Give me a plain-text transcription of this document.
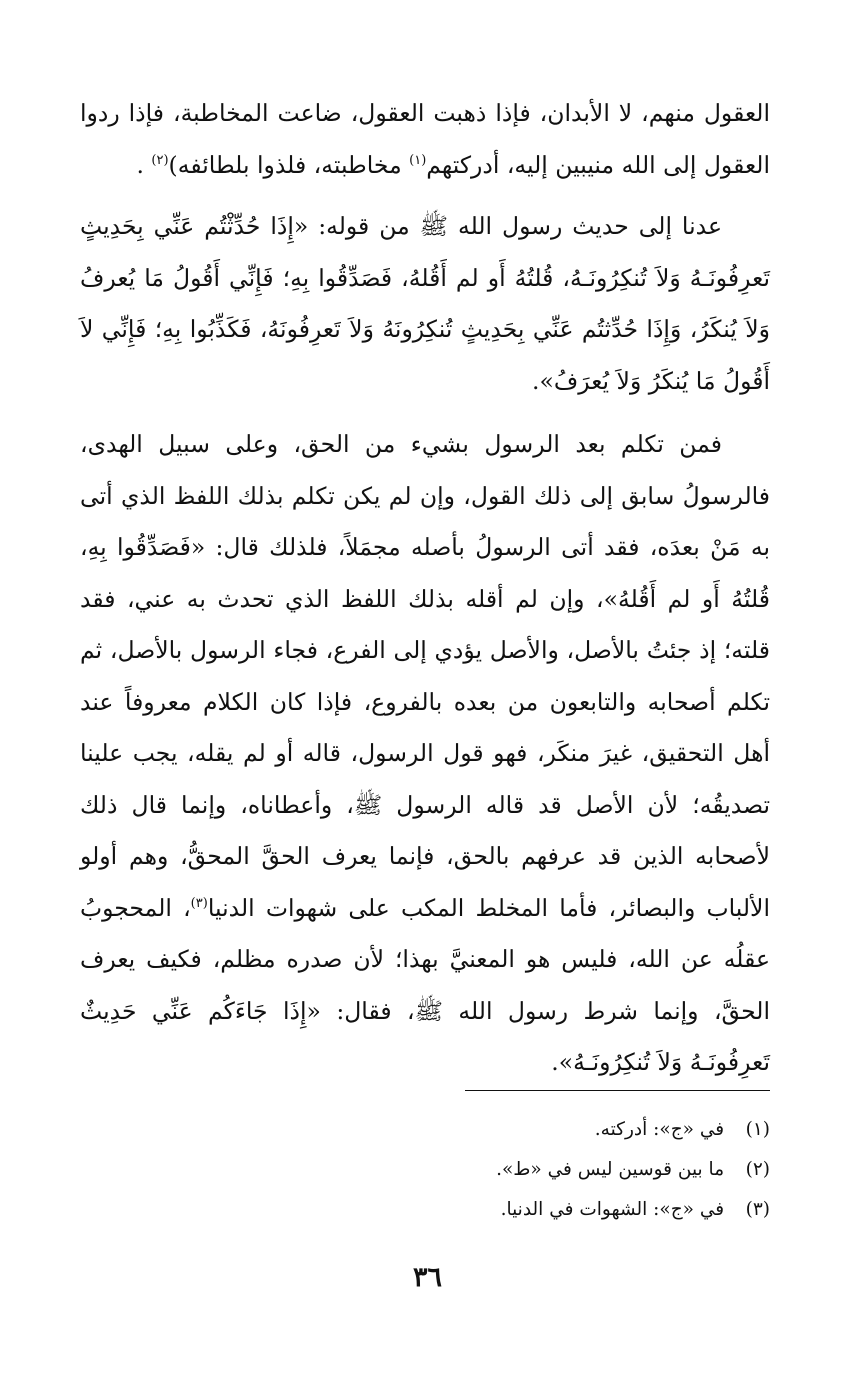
العقول منهم، لا الأبدان، فإذا ذهبت العقول، ضاعت المخاطبة، فإذا ردوا العقول إلى الله منيبين إليه، أدركتهم$^{(١)}$ مخاطبته، فلذوا بلطائفه)$^{(٢)}$ .

عدنا إلى حديث رسول الله ﷺ من قوله: «إِذَا حُدِّثْتُم عَنِّي بِحَدِيثٍ تَعرِفُونَـهُ وَلاَ تُنكِرُونَـهُ، قُلتُهُ أَو لم أَقُلهُ، فَصَدِّقُوا بِهِ؛ فَإِنِّي أَقُولُ مَا يُعرفُ وَلاَ يُنكَرُ، وَإِذَا حُدِّثتُم عَنِّي بِحَدِيثٍ تُنكِرُونَهُ وَلاَ تَعرِفُونَهُ، فَكَذِّبُوا بِهِ؛ فَإِنِّي لاَ أَقُولُ مَا يُنكَرُ وَلاَ يُعرَفُ».

فمن تكلم بعد الرسول بشيء من الحق، وعلى سبيل الهدى، فالرسولُ سابق إلى ذلك القول، وإن لم يكن تكلم بذلك اللفظ الذي أتى به مَنْ بعدَه، فقد أتى الرسولُ بأصله مجمَلاً، فلذلك قال: «فَصَدِّقُوا بِهِ، قُلتُهُ أَو لم أَقُلهُ»، وإن لم أقله بذلك اللفظ الذي تحدث به عني، فقد قلته؛ إذ جئتُ بالأصل، والأصل يؤدي إلى الفرع، فجاء الرسول بالأصل، ثم تكلم أصحابه والتابعون من بعده بالفروع، فإذا كان الكلام معروفاً عند أهل التحقيق، غيرَ منكَر، فهو قول الرسول، قاله أو لم يقله، يجب علينا تصديقُه؛ لأن الأصل قد قاله الرسول ﷺ، وأعطاناه، وإنما قال ذلك لأصحابه الذين قد عرفهم بالحق، فإنما يعرف الحقَّ المحقُّ، وهم أولو الألباب والبصائر، فأما المخلط المكب على شهوات الدنيا$^{(٣)}$، المحجوبُ عقلُه عن الله، فليس هو المعنيَّ بهذا؛ لأن صدره مظلم، فكيف يعرف الحقَّ، وإنما شرط رسول الله ﷺ، فقال: «إِذَا جَاءَكُم عَنِّي حَدِيثٌ تَعرِفُونَـهُ وَلاَ تُنكِرُونَـهُ».

(١) في «ج»: أدركته.
(٢) ما بين قوسين ليس في «ط».
(٣) في «ج»: الشهوات في الدنيا.
٣٦
